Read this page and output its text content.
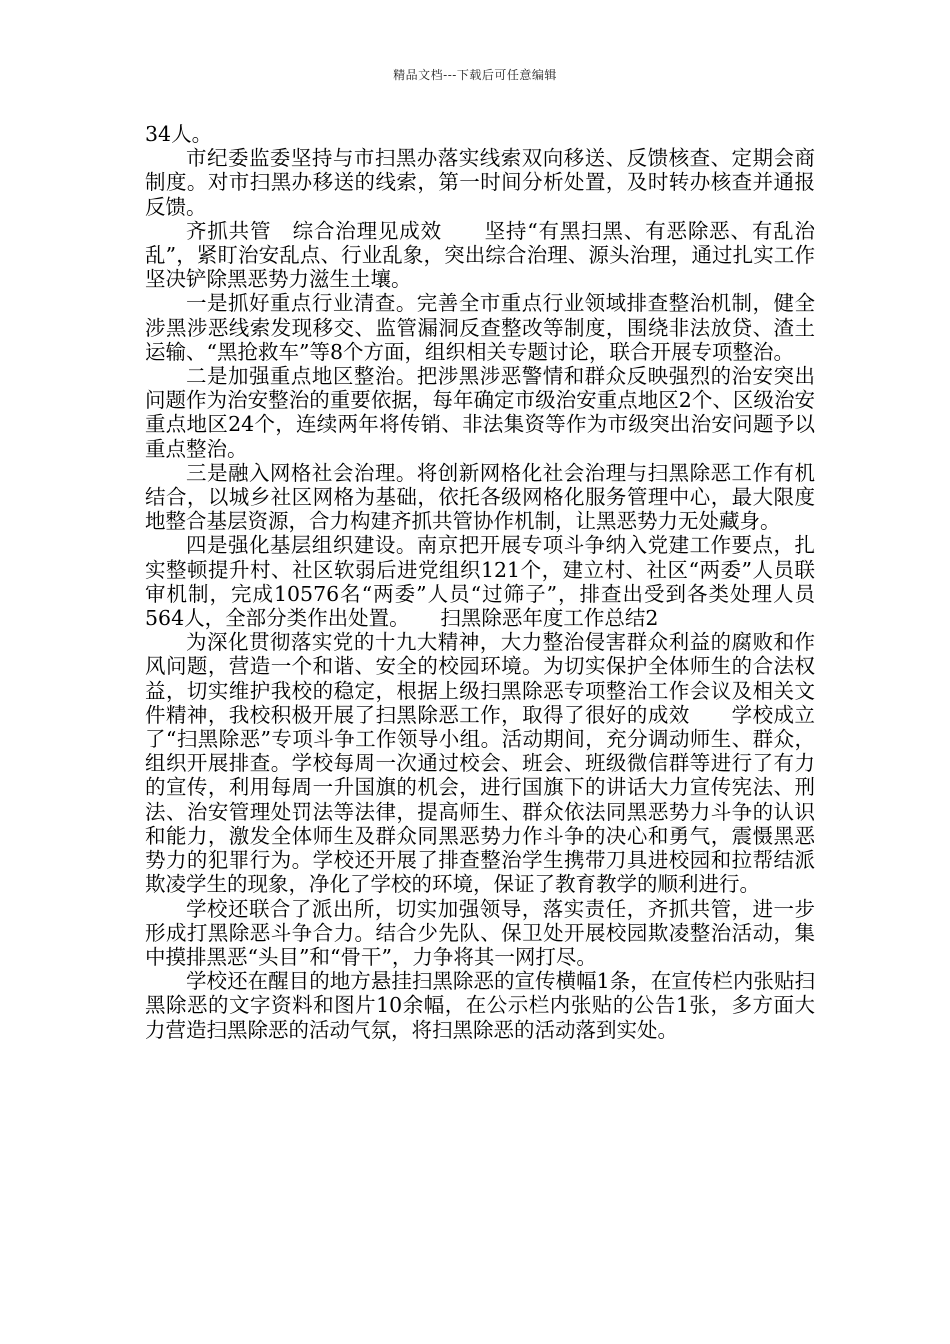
精品文档---下载后可任意编辑

34人。

市纪委监委坚持与市扫黑办落实线索双向移送、反馈核查、定期会商制度。对市扫黑办移送的线索，第一时间分析处置，及时转办核查并通报反馈。

齐抓共管　综合治理见成效　　坚持“有黑扫黑、有恶除恶、有乱治乱”，紧盯治安乱点、行业乱象，突出综合治理、源头治理，通过扎实工作坚决铲除黑恶势力滋生土壤。

一是抓好重点行业清查。完善全市重点行业领域排查整治机制，健全涉黑涉恶线索发现移交、监管漏洞反查整改等制度，围绕非法放贷、渣土运输、“黑抢救车”等8个方面，组织相关专题讨论，联合开展专项整治。

二是加强重点地区整治。把涉黑涉恶警情和群众反映强烈的治安突出问题作为治安整治的重要依据，每年确定市级治安重点地区2个、区级治安重点地区24个，连续两年将传销、非法集资等作为市级突出治安问题予以重点整治。

三是融入网格社会治理。将创新网格化社会治理与扫黑除恶工作有机结合，以城乡社区网格为基础，依托各级网格化服务管理中心，最大限度地整合基层资源，合力构建齐抓共管协作机制，让黑恶势力无处藏身。

四是强化基层组织建设。南京把开展专项斗争纳入党建工作要点，扎实整顿提升村、社区软弱后进党组织121个，建立村、社区“两委”人员联审机制，完成10576名“两委”人员“过筛子”，排查出受到各类处理人员564人，全部分类作出处置。　　扫黑除恶年度工作总结2

为深化贯彻落实党的十九大精神，大力整治侵害群众利益的腐败和作风问题，营造一个和谐、安全的校园环境。为切实保护全体师生的合法权益，切实维护我校的稳定，根据上级扫黑除恶专项整治工作会议及相关文件精神，我校积极开展了扫黑除恶工作，取得了很好的成效　　学校成立了“扫黑除恶”专项斗争工作领导小组。活动期间，充分调动师生、群众，组织开展排查。学校每周一次通过校会、班会、班级微信群等进行了有力的宣传，利用每周一升国旗的机会，进行国旗下的讲话大力宣传宪法、刑法、治安管理处罚法等法律，提高师生、群众依法同黑恶势力斗争的认识和能力，激发全体师生及群众同黑恶势力作斗争的决心和勇气，震慑黑恶势力的犯罪行为。学校还开展了排查整治学生携带刀具进校园和拉帮结派欺凌学生的现象，净化了学校的环境，保证了教育教学的顺利进行。

学校还联合了派出所，切实加强领导，落实责任，齐抓共管，进一步形成打黑除恶斗争合力。结合少先队、保卫处开展校园欺凌整治活动，集中摸排黑恶“头目”和“骨干”，力争将其一网打尽。

学校还在醒目的地方悬挂扫黑除恶的宣传横幅1条，在宣传栏内张贴扫黑除恶的文字资料和图片10余幅，在公示栏内张贴的公告1张，多方面大力营造扫黑除恶的活动气氛，将扫黑除恶的活动落到实处。
